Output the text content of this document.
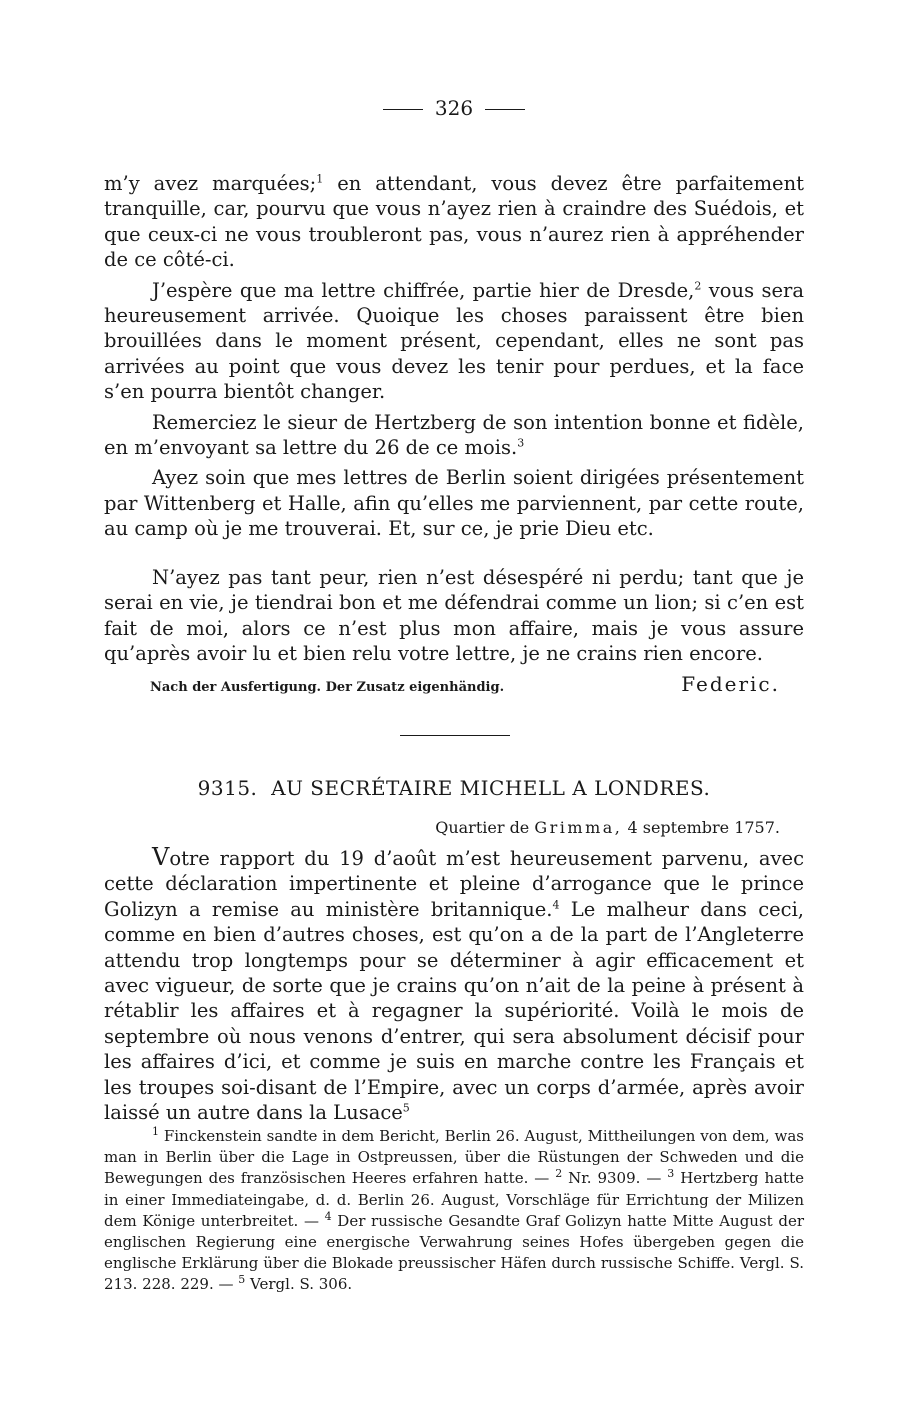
326

m’y avez marquées;$^1$ en attendant, vous devez être parfaitement tranquille, car, pourvu que vous n’ayez rien à craindre des Suédois, et que ceux-ci ne vous troubleront pas, vous n’aurez rien à appréhender de ce côté-ci.

J’espère que ma lettre chiffrée, partie hier de Dresde,$^2$ vous sera heureusement arrivée. Quoique les choses paraissent être bien brouillées dans le moment présent, cependant, elles ne sont pas arrivées au point que vous devez les tenir pour perdues, et la face s’en pourra bientôt changer.

Remerciez le sieur de Hertzberg de son intention bonne et fidèle, en m’envoyant sa lettre du 26 de ce mois.$^3$

Ayez soin que mes lettres de Berlin soient dirigées présentement par Wittenberg et Halle, afin qu’elles me parviennent, par cette route, au camp où je me trouverai. Et, sur ce, je prie Dieu etc.

N’ayez pas tant peur, rien n’est désespéré ni perdu; tant que je serai en vie, je tiendrai bon et me défendrai comme un lion; si c’en est fait de moi, alors ce n’est plus mon affaire, mais je vous assure qu’après avoir lu et bien relu votre lettre, je ne crains rien encore.

Nach der Ausfertigung. Der Zusatz eigenhändig.	Federic.
9315. AU SECRÉTAIRE MICHELL A LONDRES.
Quartier de Grimma, 4 septembre 1757.

Votre rapport du 19 d’août m’est heureusement parvenu, avec cette déclaration impertinente et pleine d’arrogance que le prince Golizyn a remise au ministère britannique.$^4$ Le malheur dans ceci, comme en bien d’autres choses, est qu’on a de la part de l’Angleterre attendu trop longtemps pour se déterminer à agir efficacement et avec vigueur, de sorte que je crains qu’on n’ait de la peine à présent à rétablir les affaires et à regagner la supériorité. Voilà le mois de septembre où nous venons d’entrer, qui sera absolument décisif pour les affaires d’ici, et comme je suis en marche contre les Français et les troupes soi-disant de l’Empire, avec un corps d’armée, après avoir laissé un autre dans la Lusace$^5$

$^1$ Finckenstein sandte in dem Bericht, Berlin 26. August, Mittheilungen von dem, was man in Berlin über die Lage in Ostpreussen, über die Rüstungen der Schweden und die Bewegungen des französischen Heeres erfahren hatte. — $^2$ Nr. 9309. — $^3$ Hertzberg hatte in einer Immediateingabe, d. d. Berlin 26. August, Vorschläge für Errichtung der Milizen dem Könige unterbreitet. — $^4$ Der russische Gesandte Graf Golizyn hatte Mitte August der englischen Regierung eine energische Verwahrung seines Hofes übergeben gegen die englische Erklärung über die Blokade preussischer Häfen durch russische Schiffe. Vergl. S. 213. 228. 229. — $^5$ Vergl. S. 306.
